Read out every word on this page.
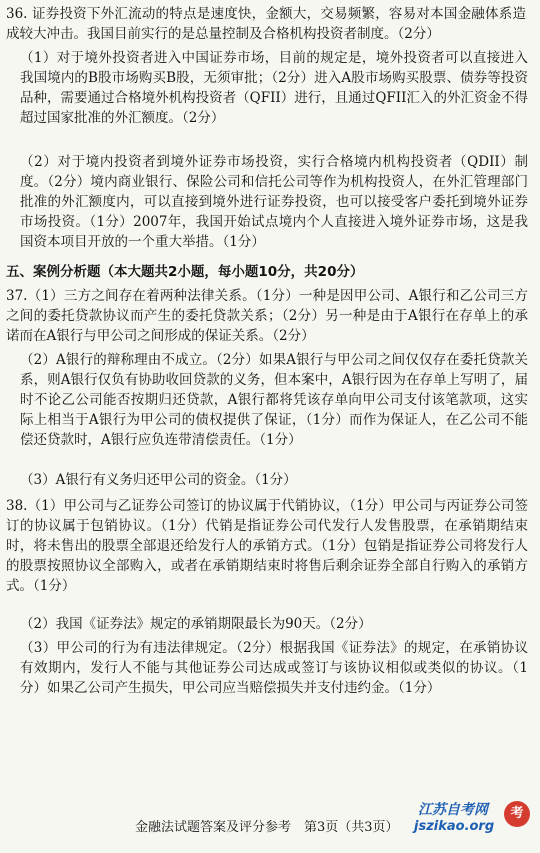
36. 证券投资下外汇流动的特点是速度快，金额大，交易频繁，容易对本国金融体系造成较大冲击。我国目前实行的是总量控制及合格机构投资者制度。（2分）

（1）对于境外投资者进入中国证券市场，目前的规定是，境外投资者可以直接进入我国境内的B股市场购买B股，无须审批；（2分）进入A股市场购买股票、债券等投资品种，需要通过合格境外机构投资者（QFII）进行，且通过QFII汇入的外汇资金不得超过国家批准的外汇额度。（2分）

（2）对于境内投资者到境外证券市场投资，实行合格境内机构投资者（QDII）制度。（2分）境内商业银行、保险公司和信托公司等作为机构投资人，在外汇管理部门批准的外汇额度内，可以直接到境外进行证券投资，也可以接受客户委托到境外证券市场投资。（1分）2007年，我国开始试点境内个人直接进入境外证券市场，这是我国资本项目开放的一个重大举措。（1分）

五、案例分析题（本大题共2小题，每小题10分，共20分）

37.（1）三方之间存在着两种法律关系。（1分）一种是因甲公司、A银行和乙公司三方之间的委托贷款协议而产生的委托贷款关系；（2分）另一种是由于A银行在存单上的承诺而在A银行与甲公司之间形成的保证关系。（2分）

（2）A银行的辩称理由不成立。（2分）如果A银行与甲公司之间仅仅存在委托贷款关系，则A银行仅负有协助收回贷款的义务，但本案中，A银行因为在存单上写明了，届时不论乙公司能否按期归还贷款，A银行都将凭该存单向甲公司支付该笔款项，这实际上相当于A银行为甲公司的债权提供了保证，（1分）而作为保证人，在乙公司不能偿还贷款时，A银行应负连带清偿责任。（1分）

（3）A银行有义务归还甲公司的资金。（1分）

38.（1）甲公司与乙证券公司签订的协议属于代销协议，（1分）甲公司与丙证券公司签订的协议属于包销协议。（1分）代销是指证券公司代发行人发售股票，在承销期结束时，将未售出的股票全部退还给发行人的承销方式。（1分）包销是指证券公司将发行人的股票按照协议全部购入，或者在承销期结束时将售后剩余证券全部自行购入的承销方式。（1分）

（2）我国《证券法》规定的承销期限最长为90天。（2分）

（3）甲公司的行为有违法律规定。（2分）根据我国《证券法》的规定，在承销协议有效期内，发行人不能与其他证券公司达成或签订与该协议相似或类似的协议。（1分）如果乙公司产生损失，甲公司应当赔偿损失并支付违约金。（1分）

金融法试题答案及评分参考　第3页（共3页）
江苏自考网
jszikao.org
考
